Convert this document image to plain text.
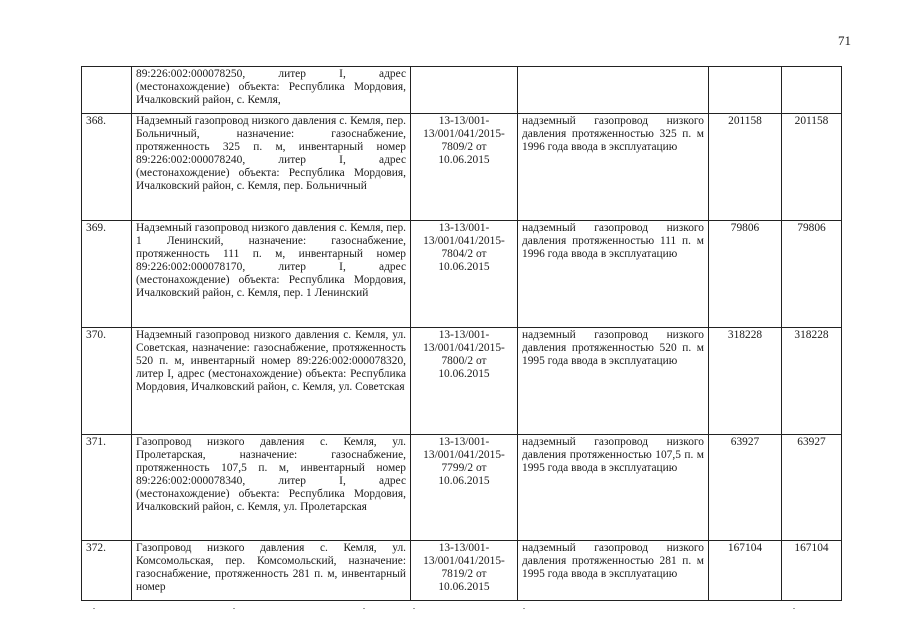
71
	89:226:002:000078250, литер I, адрес (местонахождение) объекта: Республика Мордовия, Ичалковский район, с. Кемля,				
368.	Надземный газопровод низкого давления с. Кемля, пер. Больничный, назначение: газоснабжение, протяженность 325 п. м, инвентарный номер 89:226:002:000078240, литер I, адрес (местонахождение) объекта: Республика Мордовия, Ичалковский район, с. Кемля, пер. Больничный	13-13/001-13/001/041/2015-7809/2 от 10.06.2015	надземный газопровод низкого давления протяженностью 325 п. м 1996 года ввода в эксплуатацию	201158	201158
369.	Надземный газопровод низкого давления с. Кемля, пер. 1 Ленинский, назначение: газоснабжение, протяженность 111 п. м, инвентарный номер 89:226:002:000078170, литер I, адрес (местонахождение) объекта: Республика Мордовия, Ичалковский район, с. Кемля, пер. 1 Ленинский	13-13/001-13/001/041/2015-7804/2 от 10.06.2015	надземный газопровод низкого давления протяженностью 111 п. м 1996 года ввода в эксплуатацию	79806	79806
370.	Надземный газопровод низкого давления с. Кемля, ул. Советская, назначение: газоснабжение, протяженность 520 п. м, инвентарный номер 89:226:002:000078320, литер I, адрес (местонахождение) объекта: Республика Мордовия, Ичалковский район, с. Кемля, ул. Советская	13-13/001-13/001/041/2015-7800/2 от 10.06.2015	надземный газопровод низкого давления протяженностью 520 п. м 1995 года ввода в эксплуатацию	318228	318228
371.	Газопровод низкого давления с. Кемля, ул. Пролетарская, назначение: газоснабжение, протяженность 107,5 п. м, инвентарный номер 89:226:002:000078340, литер I, адрес (местонахождение) объекта: Республика Мордовия, Ичалковский район, с. Кемля, ул. Пролетарская	13-13/001-13/001/041/2015-7799/2 от 10.06.2015	надземный газопровод низкого давления протяженностью 107,5 п. м 1995 года ввода в эксплуатацию	63927	63927
372.	Газопровод низкого давления с. Кемля, ул. Комсомольская, пер. Комсомольский, назначение: газоснабжение, протяженность 281 п. м, инвентарный номер	13-13/001-13/001/041/2015-7819/2 от 10.06.2015	надземный газопровод низкого давления протяженностью 281 п. м 1995 года ввода в эксплуатацию	167104	167104
